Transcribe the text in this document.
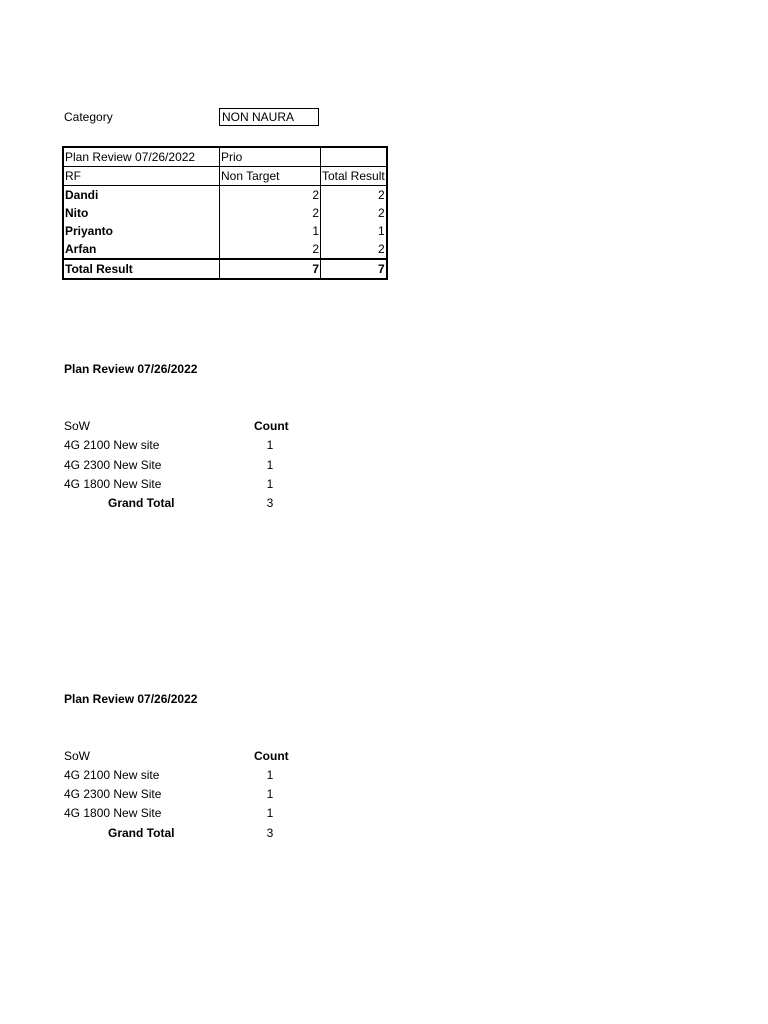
Category	NON NAURA
Plan Review 07/26/2022	Prio	
RF	Non Target	Total Result
Dandi	2	2
Nito	2	2
Priyanto	1	1
Arfan	2	2
Total Result	7	7
Plan Review 07/26/2022
SoW	Count
4G 2100 New site	1
4G 2300 New Site	1
4G 1800 New Site	1
Grand Total	3
Plan Review 07/26/2022
SoW	Count
4G 2100 New site	1
4G 2300 New Site	1
4G 1800 New Site	1
Grand Total	3
